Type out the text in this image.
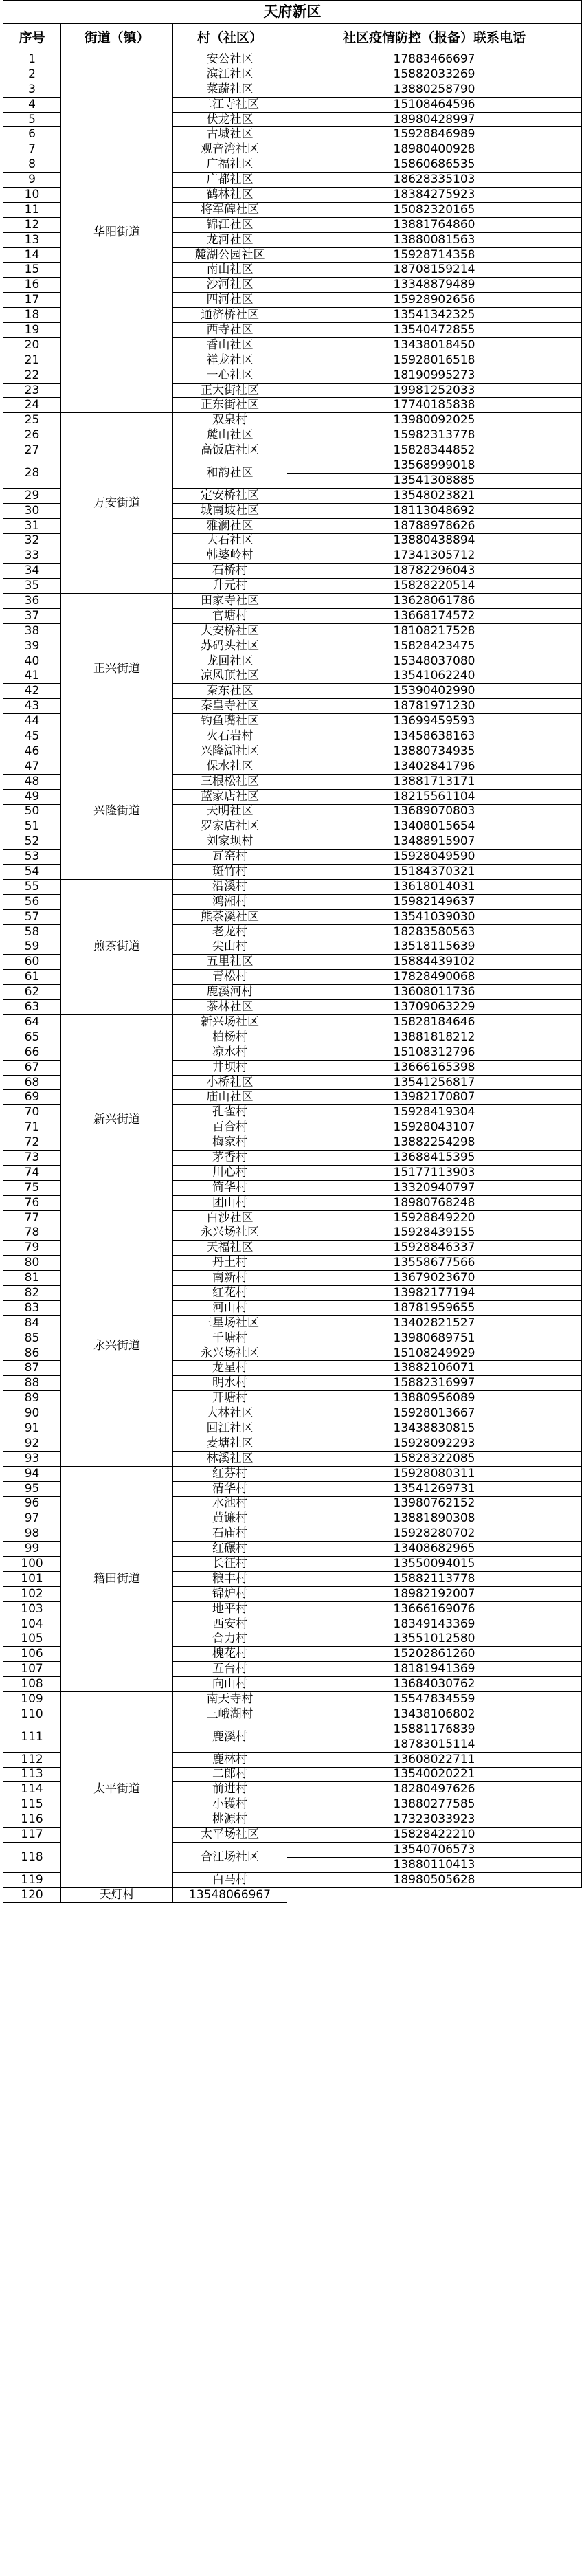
天府新区			
序号	街道（镇）	村（社区）	社区疫情防控（报备）联系电话
1	华阳街道	安公社区	17883466697
2		滨江社区	15882033269
3		菜蔬社区	13880258790
4		二江寺社区	15108464596
5		伏龙社区	18980428997
6		古城社区	15928846989
7		观音湾社区	18980400928
8		广福社区	15860686535
9		广都社区	18628335103
10		鹤林社区	18384275923
11		将军碑社区	15082320165
12		锦江社区	13881764860
13		龙河社区	13880081563
14		麓湖公园社区	15928714358
15		南山社区	18708159214
16		沙河社区	13348879489
17		四河社区	15928902656
18		通济桥社区	13541342325
19		西寺社区	13540472855
20		香山社区	13438018450
21		祥龙社区	15928016518
22		一心社区	18190995273
23		正大街社区	19981252033
24		正东街社区	17740185838
25	万安街道	双泉村	13980092025
26		麓山社区	15982313778
27		高饭店社区	15828344852
28		和韵社区	13568999018
			13541308885
29		定安桥社区	13548023821
30		城南坡社区	18113048692
31		雅澜社区	18788978626
32		大石社区	13880438894
33		韩婆岭村	17341305712
34		石桥村	18782296043
35		升元村	15828220514
36	正兴街道	田家寺社区	13628061786
37		官塘村	13668174572
38		大安桥社区	18108217528
39		苏码头社区	15828423475
40		龙回社区	15348037080
41		凉风顶社区	13541062240
42		秦东社区	15390402990
43		秦皇寺社区	18781971230
44		钓鱼嘴社区	13699459593
45		火石岩村	13458638163
46	兴隆街道	兴隆湖社区	13880734935
47		保水社区	13402841796
48		三根松社区	13881713171
49		蓝家店社区	18215561104
50		天明社区	13689070803
51		罗家店社区	13408015654
52		刘家坝村	13488915907
53		瓦窑村	15928049590
54		斑竹村	15184370321
55	煎茶街道	沿溪村	13618014031
56		鸿湘村	15982149637
57		熊茶溪社区	13541039030
58		老龙村	18283580563
59		尖山村	13518115639
60		五里社区	15884439102
61		青松村	17828490068
62		鹿溪河村	13608011736
63		茶林社区	13709063229
64	新兴街道	新兴场社区	15828184646
65		柏杨村	13881818212
66		凉水村	15108312796
67		井坝村	13666165398
68		小桥社区	13541256817
69		庙山社区	13982170807
70		孔雀村	15928419304
71		百合村	15928043107
72		梅家村	13882254298
73		茅香村	13688415395
74		川心村	15177113903
75		简华村	13320940797
76		团山村	18980768248
77		白沙社区	15928849220
78	永兴街道	永兴场社区	15928439155
79		天福社区	15928846337
80		丹土村	13558677566
81		南新村	13679023670
82		红花村	13982177194
83		河山村	18781959655
84		三星场社区	13402821527
85		千塘村	13980689751
86		永兴场社区	15108249929
87		龙星村	13882106071
88		明水村	15882316997
89		开塘村	13880956089
90		大林社区	15928013667
91		回江社区	13438830815
92		麦塘社区	15928092293
93		林溪社区	15828322085
94	籍田街道	红芬村	15928080311
95		清华村	13541269731
96		水池村	13980762152
97		黄镰村	13881890308
98		石庙村	15928280702
99		红碾村	13408682965
100		长征村	13550094015
101		粮丰村	15882113778
102		锦炉村	18982192007
103		地平村	13666169076
104		西安村	18349143369
105		合力村	13551012580
106		槐花村	15202861260
107		五台村	18181941369
108		向山村	13684030762
109	太平街道	南天寺村	15547834559
110		三峨湖村	13438106802
111		鹿溪村	15881176839
			18783015114
112		鹿林村	13608022711
113		二郎村	13540020221
114		前进村	18280497626
115		小镬村	13880277585
116		桃源村	17323033923
117		太平场社区	15828422210
118		合江场社区	13540706573
			13880110413
119		白马村	18980505628
120	天灯村	13548066967	
